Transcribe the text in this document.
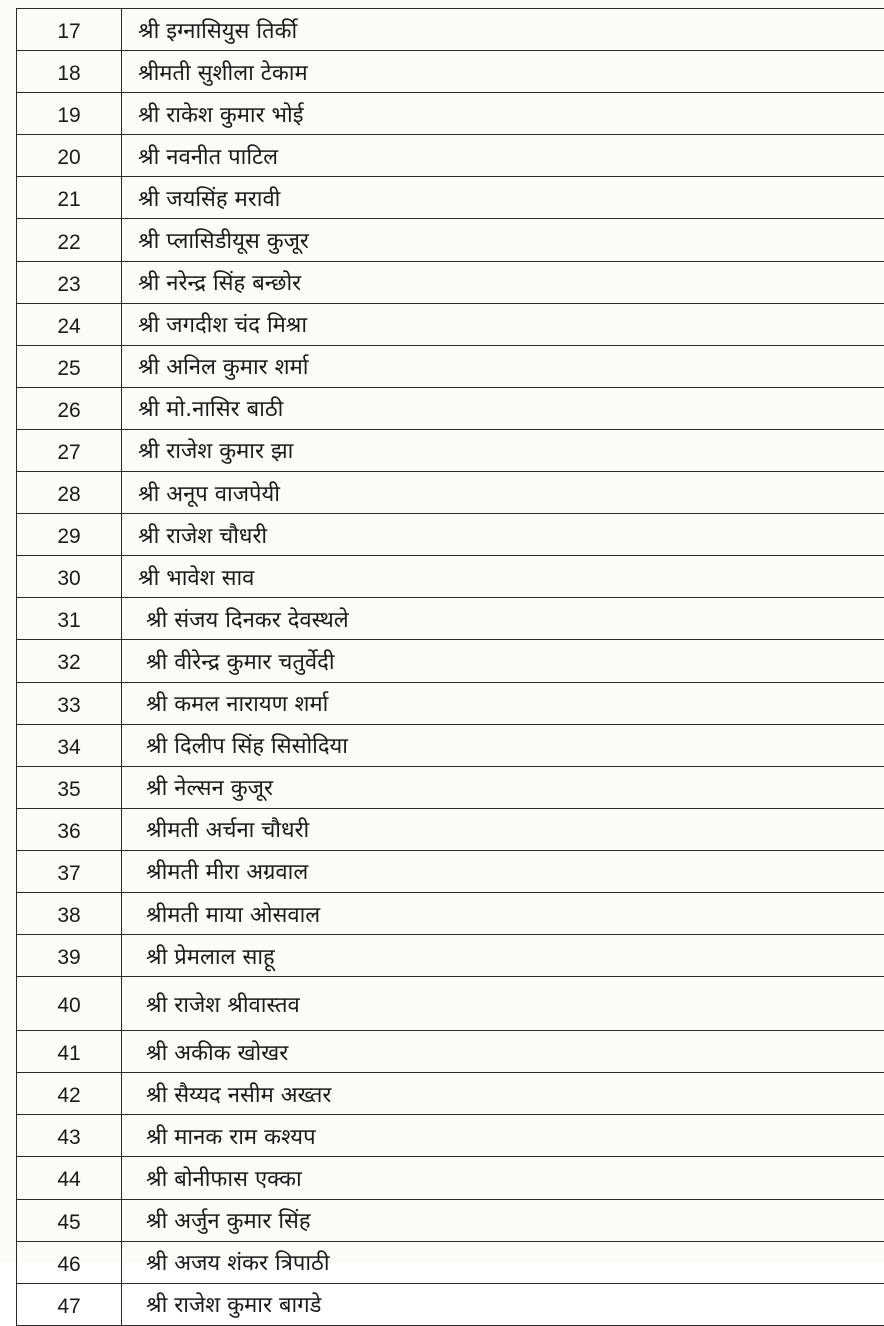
17	श्री इग्नासियुस तिर्की
18	श्रीमती सुशीला टेकाम
19	श्री राकेश कुमार भोई
20	श्री नवनीत पाटिल
21	श्री जयसिंह मरावी
22	श्री प्लासिडीयूस कुजूर
23	श्री नरेन्द्र सिंह बन्छोर
24	श्री जगदीश चंद मिश्रा
25	श्री अनिल कुमार शर्मा
26	श्री मो.नासिर बाठी
27	श्री राजेश कुमार झा
28	श्री अनूप वाजपेयी
29	श्री राजेश चौधरी
30	श्री भावेश साव
31	श्री संजय दिनकर देवस्थले
32	श्री वीरेन्द्र कुमार चतुर्वेदी
33	श्री कमल नारायण शर्मा
34	श्री दिलीप सिंह सिसोदिया
35	श्री नेल्सन कुजूर
36	श्रीमती अर्चना चौधरी
37	श्रीमती मीरा अग्रवाल
38	श्रीमती माया ओसवाल
39	श्री प्रेमलाल साहू
40	श्री राजेश श्रीवास्तव
41	श्री अकीक खोखर
42	श्री सैय्यद नसीम अख्तर
43	श्री मानक राम कश्यप
44	श्री बोनीफास एक्का
45	श्री अर्जुन कुमार सिंह
46	श्री अजय शंकर त्रिपाठी
47	श्री राजेश कुमार बागडे
